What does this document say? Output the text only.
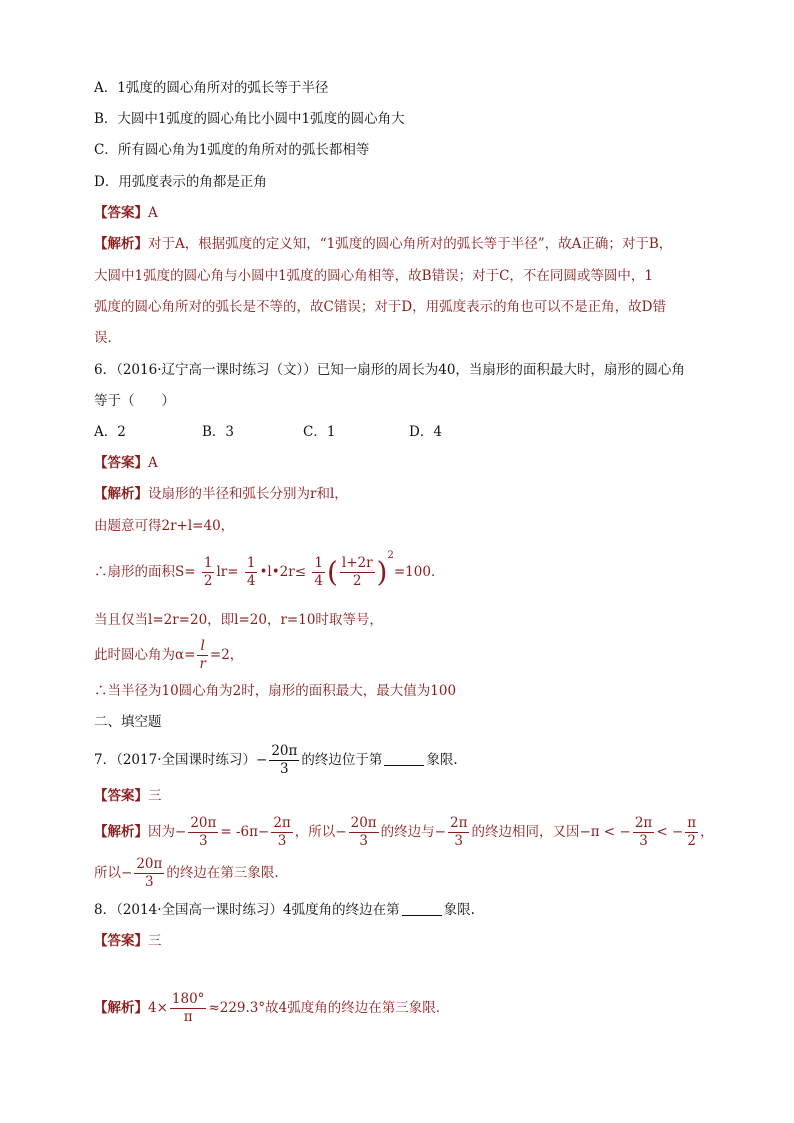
A．1弧度的圆心角所对的弧长等于半径
B．大圆中1弧度的圆心角比小圆中1弧度的圆心角大
C．所有圆心角为1弧度的角所对的弧长都相等
D．用弧度表示的角都是正角
【答案】A
【解析】对于A，根据弧度的定义知，“1弧度的圆心角所对的弧长等于半径”，故A正确；对于B，
大圆中1弧度的圆心角与小圆中1弧度的圆心角相等，故B错误；对于C，不在同圆或等圆中，1
弧度的圆心角所对的弧长是不等的，故C错误；对于D，用弧度表示的角也可以不是正角，故D错
误．
6．（2016·辽宁高一课时练习（文））已知一扇形的周长为40，当扇形的面积最大时，扇形的圆心角
等于（　　）
A．2	B．3	C．1	D．4
【答案】A
【解析】设扇形的半径和弧长分别为r和l，
由题意可得2r+l=40，
∴扇形的面积$S= \frac{1}{2} lr= \frac{1}{4}$ •l•2r≤ $\frac{1}{4}$ ( $\frac{l+2r}{2} )^2=100$．
当且仅当l=2r=20，即l=20，r=10时取等号，
此时圆心角为$\alpha= \frac{l}{r} =2$，
∴当半径为10圆心角为2时，扇形的面积最大，最大值为100
二、填空题
7．（2017·全国课时练习）− $\frac{20\pi}{3}$ 的终边位于第	象限.
【答案】三
【解析】因为− $\frac{20\pi}{3} = -6\pi- \frac{2\pi}{3}$ ，所以− $\frac{20\pi}{3}$ 的终边与− $\frac{2\pi}{3}$ 的终边相同，又因−π < − $\frac{2\pi}{3}$ < − $\frac{\pi}{2}$ ，
所以− $\frac{20\pi}{3}$ 的终边在第三象限.
8．（2014·全国高一课时练习）4弧度角的终边在第	象限.
【答案】三
【解析】$4\times \frac{180^\circ}{\pi} \approx 229.3^\circ$故4弧度角的终边在第三象限．
